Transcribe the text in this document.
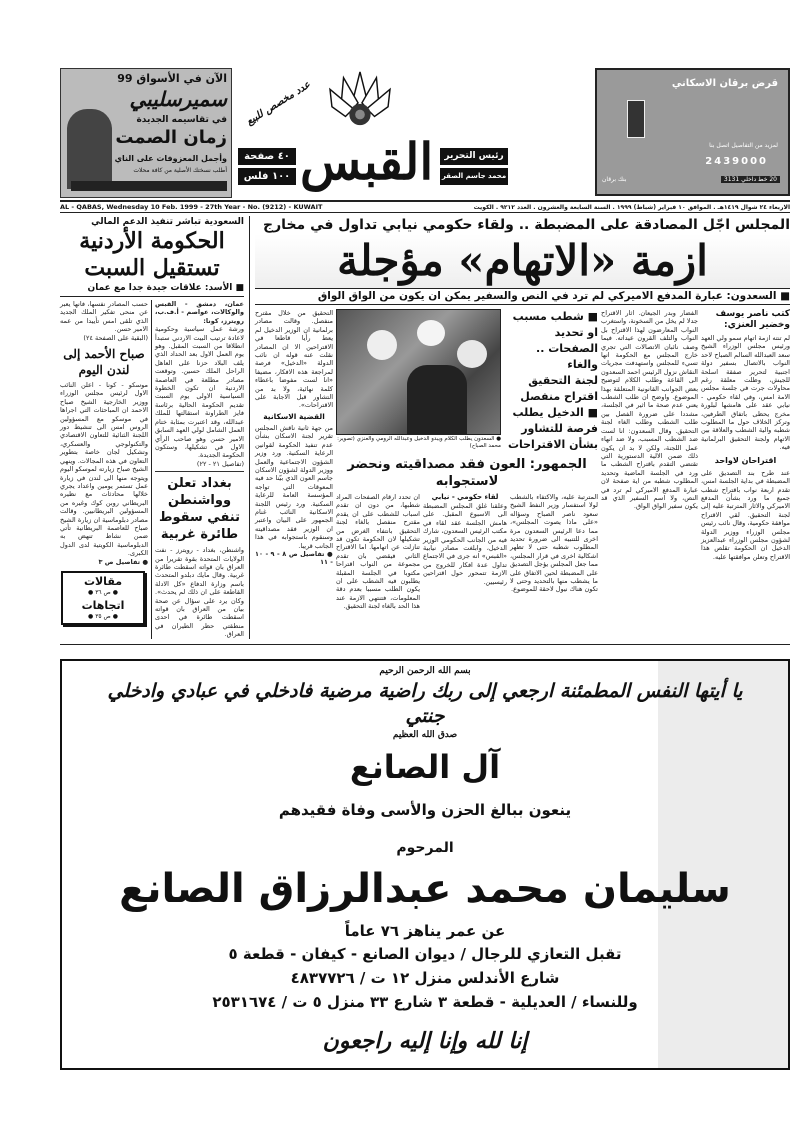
الآن في الأسواق 99
سميرسليبي
في تقاسيمه الجديدة
زمان الصمت
وأجمل المعزوفات على الناي
أطلب نسختك الأصلية من كافة محلات
عدد مخصص للبيع
٤٠ صفحة
١٠٠ فلس القبس	رئيس التحرير
محمد جاسم الصقر
قرض برقان الاسكاني
لمزيد من التفاصيل اتصل بنا
2439000
بنك برقان	20 خط داخلي 3131
AL - QABAS, Wednesday 10 Feb. 1999 - 27th Year - No. (9212) - KUWAIT	الاربعاء ٢٤ شوال ١٤١٩هـ . الموافق ١٠ فبراير (شباط) ١٩٩٩ . السنة السابعة والعشرون . العدد ٩٢١٢ . الكويت
السعودية تباشر تنفيذ الدعم المالي
الحكومة الأردنية تستقيل السبت
■ الأسد: علاقات جيدة جدا مع عمان
حسب المصادر نفسها، فانها يعبر عن منحى تفكير الملك الجديد الذي تلقى امس تأييدا من عمه الامير حسن.
(البقية على الصفحة ٢٤)
صباح الأحمد إلى لندن اليوم
موسكو - كونا - اعلن النائب الاول لرئيس مجلس الوزراء ووزير الخارجية الشيخ صباح الاحمد ان المباحثات التي اجراها في موسكو مع المسؤولين الروس امس الى تنشيط دور اللجنة الثنائية للتعاون الاقتصادي والتكنولوجي والعسكري، وتشكيل لجان خاصة بتطوير التعاون في هذه المجالات. وينهي الشيخ صباح زيارته لموسكو اليوم ويتوجه منها الى لندن في زيارة عمل تستمر يومين واعداد يجري خلالها محادثات مع نظيره البريطاني روبن كوك وغيره من المسؤولين البريطانيين. وقالت مصادر دبلوماسية ان زيارة الشيخ صباح للعاصمة البريطانية تأتي ضمن نشاط تنهض به الدبلوماسية الكويتية لدى الدول الكبرى.
● تفاصيل ص ٣
مقالات
● ص ٣٦ ●
اتجاهات
● ص ٣٥ ●
عمان، دمشق - القبس والوكالات، عواصم - أ.ف.ب، رويترز، كونا:
ورشة عمل سياسية وحكومية لاعادة ترتيب البيت الاردني ستبدأ انطلاقا من السبت المقبل. وهو يوم العمل الاول بعد الحداد الذي يلف البلاد حزنا على العاهل الراحل الملك حسين. وتوقعت مصادر مطلعة في العاصمة الاردنية ان تكون الخطوة السياسية الاولى يوم السبت تقديم الحكومة الحالية برئاسة فايز الطراونة استقالتها للملك عبدالله، وقد اعتبرت بمثابة ختام العمل الشامل لولي العهد السابق الامير حسن وهو صاحب الرأي الاول في تشكيلها، وستكون الحكومة الجديدة.
(تفاصيل ٢١ - ٢٢)
بغداد تعلن وواشنطن تنفي سقوط طائرة غربية
واشنطن، بغداد - رويترز - نفت الولايات المتحدة بقوة تقريرا من العراق بان قواته اسقطت طائرة غربية. وقال مايك دبلدو المتحدث باسم وزارة الدفاع «كل الادلة القاطعة على ان ذلك لم يحدث». وكان يرد على سؤال عن صحة بيان من العراق بان قواته اسقطت طائرة في احدى منطقتي حظر الطيران في العراق.
المجلس اجّل المصادقة على المضبطة .. ولقاء حكومي نيابي تداول في مخارج
ازمة «الاتهام» مؤجلة
■ السعدون: عبارة المدفع الاميركي لم ترد في النص والسفير يمكن ان يكون من الواق الواق
التحقيق من خلال مقترح منفصل. وقالت مصادر برلمانية ان الوزير الدخيل لم يعط رأيا قاطعا في الاقتراحين الا ان المصادر نقلت عنه قوله ان نائب الدولة «الدخيل» فرصة لمراجعة هذه الافكار، مضيفا «انا لست مفوضا باعطاء كلمة نهائية، ولا بد من التشاور قبل الاجابة على الاقتراحات».
القضية الاسكانية
من جهة ثانية ناقش المجلس تقرير لجنة الاسكان بشأن عدم تنفيذ الحكومة لقوانين الرعاية السكنية. ورد وزير الشؤون الاجتماعية والعمل ووزير الدولة لشؤون الاسكان جاسم العون الذي بيّنا حد فيه المعوقات التي تواجه المؤسسة العامة للرعاية السكنية. ورد رئيس اللجنة الاسكانية النائب غنام الجمهور على البيان واعتبر ان الوزير فقد مصداقيته وسنقوم باستجوابه في هذا الجانب قريبا.
● تفاصيل ص ٨ - ٩ - ١٠ - ١١
● السعدون يطلب الكلام ويبدو الدخيل وعبدالله الرومي والعنزي (تصوير: محمد الصباح)
■ شطب مسبب
او تحديد
الصفحات .. والغاء
لجنة التحقيق
اقتراح منفصل
■ الدخيل يطلب
فرصة للتشاور
بشأن الاقتراحات
الجمهور: العون فقد مصداقيته ونحضر لاستجوابه
ان تحدد ارقام الصفحات المراد شطبها، من دون ان تقدم اسباب للشطب على ان يقدم مقترح منفصل بالغاء لجنة التحقيق بانتفاء الغرض من تشكيلها لان الحكومة تكون قد تنازلت عن اتهامها. اما الاقتراح الثاني فيقضي بان تقدم مجموعة من النواب اقتراحا مكتوبا في الجلسة المقبلة يطلبون فيه الشطب على ان يكون الطلب مسببا بعدم دقة المعلومات، فتنتهي الازمة عند هذا الحد بالغاء لجنة التحقيق.
لقاء حكومي - نيابي
وعلقنا غلق المجلس المضبطة الى الاسبوع المقبل. على هامش الجلسة عقد لقاء في مكتب الرئيس السعدون، شارك فيه من الجانب الحكومي الوزير الدخيل، وابلغت مصادر نيابية «القبس» انه جرى في الاجتماع تداول عدة افكار للخروج من الازمة تتمحور حول اقتراحين رئيسيين.
المترتبة عليه، والاكتفاء بالشطب لولا استفسار وزير النفط الشيخ سعود ناصر الصباح وسؤاله «على ماذا يصوت المجلس»، مما دعا الرئيس السعدون مرة اخرى للتنبيه الى ضرورة تحديد المطلوب شطبه حتى لا تظهر اشكالية اخرى في قرار المجلس، مما جعل المجلس يؤجل التصديق على المضبطة لحين الاتفاق على ما يشطب منها بالتحديد وحتى لا تكون هناك نيول لاحقة للموضوع.
الفضار وبدر الجيعان. اثار الاقتراح جدلا لم يخل من السخونة، واستغرب النواب المعارضون لهذا الاقتراح بل النواب والتلف القرون عيداته. فيما وصف نائبان الاتصالات التي تجري خارج المجلس مع الحكومة انها تسيء للمجلس واستهدفت مجريات النقاش نزول الرئيس احمد السعدون الى القاعة وطلب الكلام لتوضيح بعض الجوانب القانونية المتعلقة بهذا الموضوع. واوضح ان طلب الشطب يعني عدم صحة ما اثير في الجلسة، مشددا على ضرورة الفصل بين طلب الشطب وطلب الغاء لجنة التحقيق. وقال السعدون: انا لست ضد الشطب المسبب، ولا ضد انهاء عمل اللجنة، ولكن لا بد ان يكون ذلك ضمن الالية الدستورية التي تقتضي التقدم باقتراح الشطب ما ورد في الجلسة الماضية وتحديد المطلوب شطبه من اية صفحة لان عبارة المدفع الاميركي لم ترد في النص، ولا اسم السفير الذي قد يكون سفير الواق الواق.
كتب ناصر يوسف وخضير العنزي:
لم تنته ازمة اتهام سمو ولي العهد ورئيس مجلس الوزراء الشيخ سعد العبدالله السالم الصباح لاحد النواب بالاتصال بسفير دولة اجنبية لتحرير صفقة اسلحة للجيش، وظلت معلقة رغم محاولات جرت في جلسة مجلس الامة امس، وفي لقاء حكومي - نيابي عقد على هامشها لبلورة مخرج يحظى باتفاق الطرفين، وتركز الخلاف حول ما المطلوب شطبه والية الشطب والعلاقة بين الاتهام ولجنة التحقيق البرلمانية فيه.
اقتراحان لاواحد
عند طرح بند التصديق على المضبطة في بداية الجلسة امس، تقدم اربعة نواب باقتراح شطب جميع ما ورد بشأن المدفع الاميركي والاثار المترتبة عليه إلى لجنة التحقيق. لقي الاقتراح موافقة حكومية، وقال نائب رئيس مجلس الوزراء ووزير الدولة لشؤون مجلس الوزراء عبدالعزيز الدخيل ان الحكومة تقلص هذا الاقتراح وتعلن موافقتها عليه.
بسم الله الرحمن الرحيم
يا أيتها النفس المطمئنة ارجعي إلى ربك راضية مرضية فادخلي في عبادي وادخلي جنتي
صدق الله العظيم
آل الصانع
ينعون ببالغ الحزن والأسى وفاة فقيدهم
المرحوم
سليمان محمد عبدالرزاق الصانع
عن عمر يناهز ٧٦ عاماً
تقبل التعازي للرجال / ديوان الصانع - كيفان - قطعة ٥
شارع الأندلس منزل ١٢ ت / ٤٨٣٧٧٢٦
وللنساء / العديلية - قطعة ٣ شارع ٣٣ منزل ٥ ت / ٢٥٣١٦٧٤
إنا لله وإنا إليه راجعون
